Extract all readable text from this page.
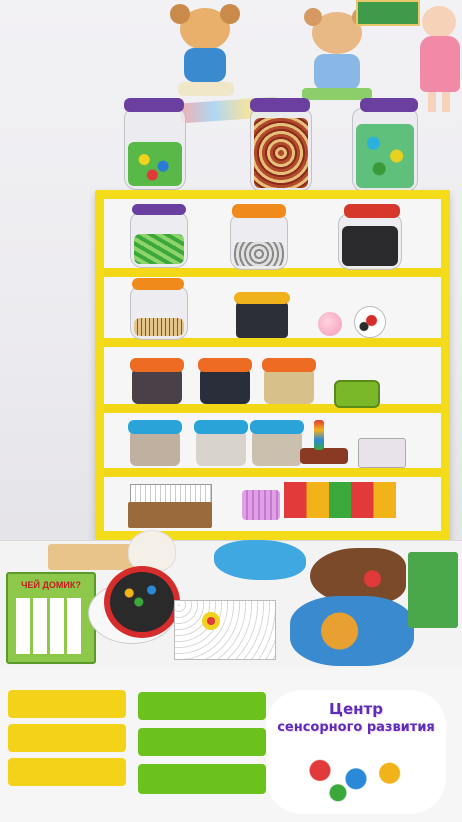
ЧЕЙ ДОМИК?
Центр
сенсорного развития
